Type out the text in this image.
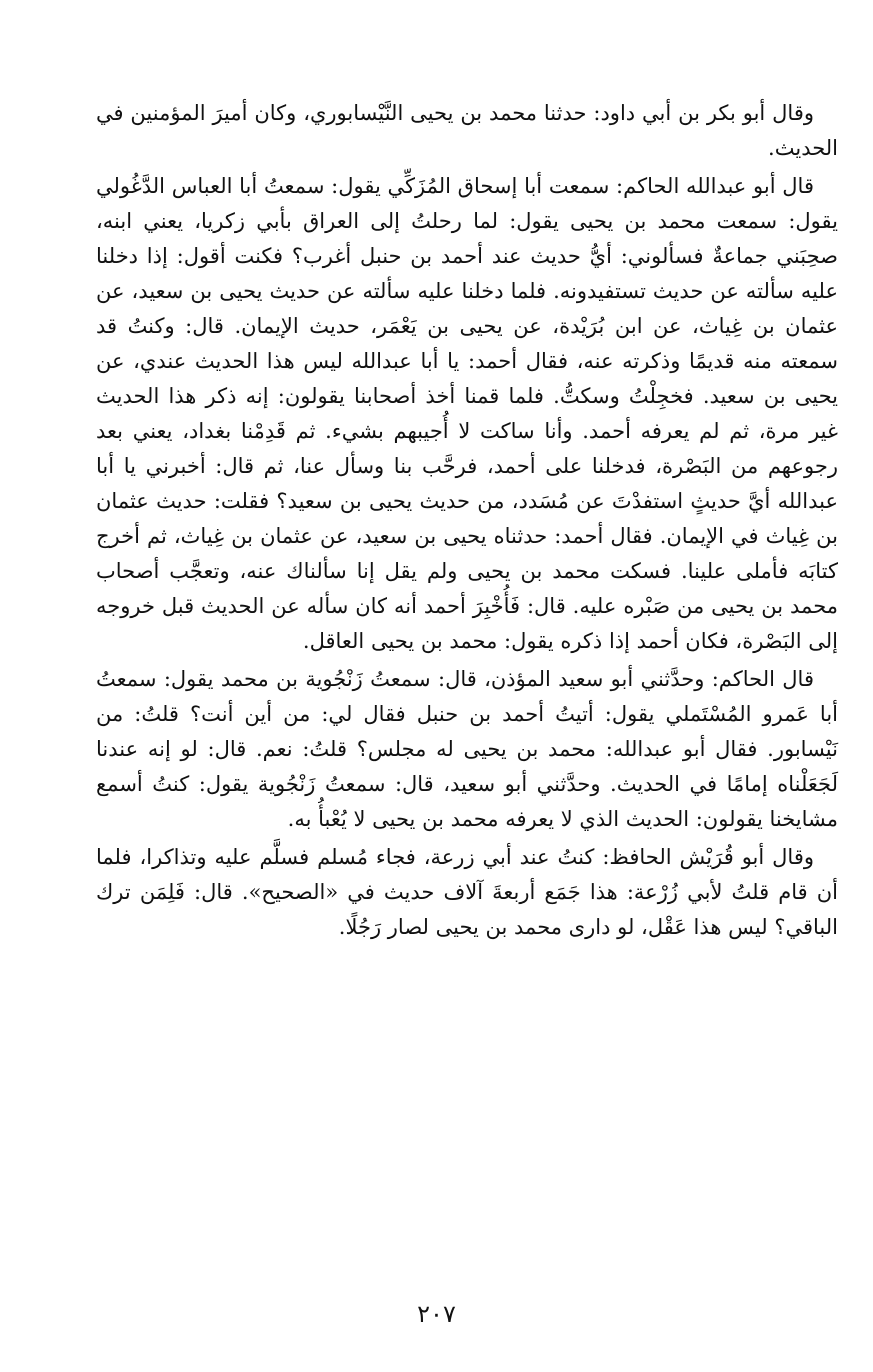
وقال أبو بكر بن أبي داود: حدثنا محمد بن يحيى النَّيْسابوري، وكان أميرَ المؤمنين في الحديث.

قال أبو عبدالله الحاكم: سمعت أبا إسحاق المُزَكِّي يقول: سمعتُ أبا العباس الدَّغُولي يقول: سمعت محمد بن يحيى يقول: لما رحلتُ إلى العراق بأبي زكريا، يعني ابنه، صحِبَني جماعةٌ فسألوني: أيُّ حديث عند أحمد بن حنبل أغرب؟ فكنت أقول: إذا دخلنا عليه سألته عن حديث تستفيدونه. فلما دخلنا عليه سألته عن حديث يحيى بن سعيد، عن عثمان بن غِياث، عن ابن بُرَيْدة، عن يحيى بن يَعْمَر، حديث الإيمان. قال: وكنتُ قد سمعته منه قديمًا وذكرته عنه، فقال أحمد: يا أبا عبدالله ليس هذا الحديث عندي، عن يحيى بن سعيد. فخجِلْتُ وسكتُّ. فلما قمنا أخذ أصحابنا يقولون: إنه ذكر هذا الحديث غير مرة، ثم لم يعرفه أحمد. وأنا ساكت لا أُجيبهم بشيء. ثم قَدِمْنا بغداد، يعني بعد رجوعهم من البَصْرة، فدخلنا على أحمد، فرحَّب بنا وسأل عنا، ثم قال: أخبرني يا أبا عبدالله أيَّ حديثٍ استفدْتَ عن مُسَدد، من حديث يحيى بن سعيد؟ فقلت: حديث عثمان بن غِياث في الإيمان. فقال أحمد: حدثناه يحيى بن سعيد، عن عثمان بن غِياث، ثم أخرج كتابَه فأملى علينا. فسكت محمد بن يحيى ولم يقل إنا سألناك عنه، وتعجَّب أصحاب محمد بن يحيى من صَبْره عليه. قال: فَأُخْبِرَ أحمد أنه كان سأله عن الحديث قبل خروجه إلى البَصْرة، فكان أحمد إذا ذكره يقول: محمد بن يحيى العاقل.

قال الحاكم: وحدَّثني أبو سعيد المؤذن، قال: سمعتُ زَنْجُوية بن محمد يقول: سمعتُ أبا عَمرو المُسْتَملي يقول: أتيتُ أحمد بن حنبل فقال لي: من أين أنت؟ قلتُ: من نَيْسابور. فقال أبو عبدالله: محمد بن يحيى له مجلس؟ قلتُ: نعم. قال: لو إنه عندنا لَجَعَلْناه إمامًا في الحديث. وحدَّثني أبو سعيد، قال: سمعتُ زَنْجُوية يقول: كنتُ أسمع مشايخنا يقولون: الحديث الذي لا يعرفه محمد بن يحيى لا يُعْبأُ به.

وقال أبو قُرَيْش الحافظ: كنتُ عند أبي زرعة، فجاء مُسلم فسلَّم عليه وتذاكرا، فلما أن قام قلتُ لأبي زُرْعة: هذا جَمَع أربعةَ آلاف حديث في «الصحيح». قال: فَلِمَن ترك الباقي؟ ليس هذا عَقْل، لو دارى محمد بن يحيى لصار رَجُلًا.

٢٠٧
